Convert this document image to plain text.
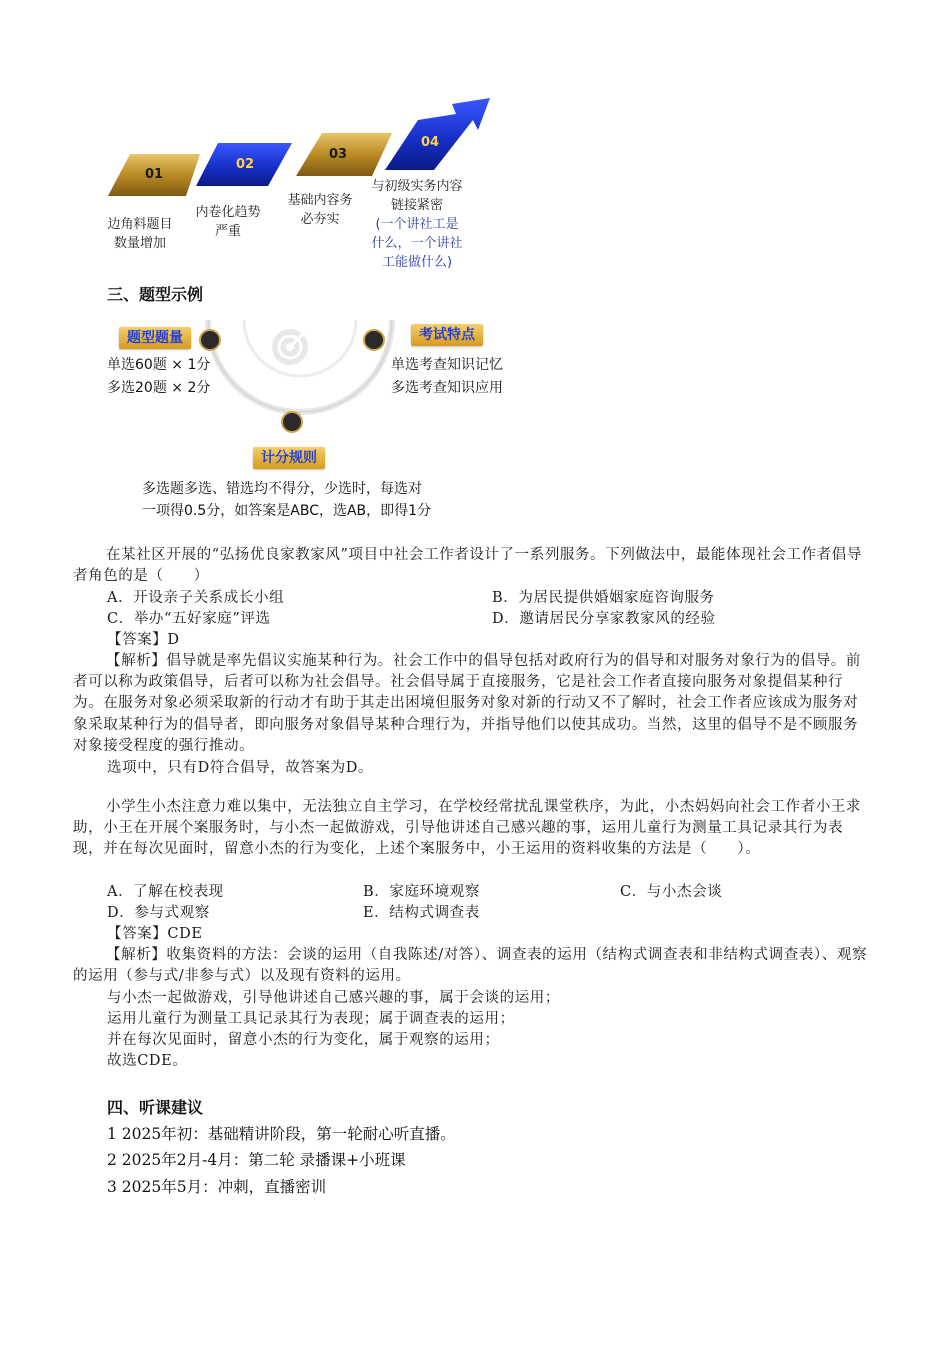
01
02
03
04
边角料题目
数量增加
内卷化趋势
严重
基础内容务
必夯实
与初级实务内容
链接紧密
(一个讲社工是
什么，一个讲社
工能做什么)
三、题型示例
题型题量
单选60题 × 1分
多选20题 × 2分
考试特点
单选考查知识记忆
多选考查知识应用
计分规则
多选题多选、错选均不得分，少选时，每选对
一项得0.5分，如答案是ABC，选AB，即得1分
在某社区开展的“弘扬优良家教家风”项目中社会工作者设计了一系列服务。下列做法中，最能体现社会工作者倡导者角色的是（　　）
A．开设亲子关系成长小组	B．为居民提供婚姻家庭咨询服务
C．举办“五好家庭”评选	D．邀请居民分享家教家风的经验
【答案】D
【解析】倡导就是率先倡议实施某种行为。社会工作中的倡导包括对政府行为的倡导和对服务对象行为的倡导。前者可以称为政策倡导，后者可以称为社会倡导。社会倡导属于直接服务，它是社会工作者直接向服务对象提倡某种行为。在服务对象必须采取新的行动才有助于其走出困境但服务对象对新的行动又不了解时，社会工作者应该成为服务对象采取某种行为的倡导者，即向服务对象倡导某种合理行为，并指导他们以使其成功。当然，这里的倡导不是不顾服务对象接受程度的强行推动。
选项中，只有D符合倡导，故答案为D。
小学生小杰注意力难以集中，无法独立自主学习，在学校经常扰乱课堂秩序，为此，小杰妈妈向社会工作者小王求助，小王在开展个案服务时，与小杰一起做游戏，引导他讲述自己感兴趣的事，运用儿童行为测量工具记录其行为表现，并在每次见面时，留意小杰的行为变化，上述个案服务中，小王运用的资料收集的方法是（　　）。
A．了解在校表现	B．家庭环境观察	C．与小杰会谈
D．参与式观察	E．结构式调查表
【答案】CDE
【解析】收集资料的方法：会谈的运用（自我陈述/对答）、调查表的运用（结构式调查表和非结构式调查表）、观察的运用（参与式/非参与式）以及现有资料的运用。
与小杰一起做游戏，引导他讲述自己感兴趣的事，属于会谈的运用；
运用儿童行为测量工具记录其行为表现；属于调查表的运用；
并在每次见面时，留意小杰的行为变化，属于观察的运用；
故选CDE。
四、听课建议
1 2025年初：基础精讲阶段，第一轮耐心听直播。
2 2025年2月-4月：第二轮 录播课+小班课
3 2025年5月：冲刺，直播密训
